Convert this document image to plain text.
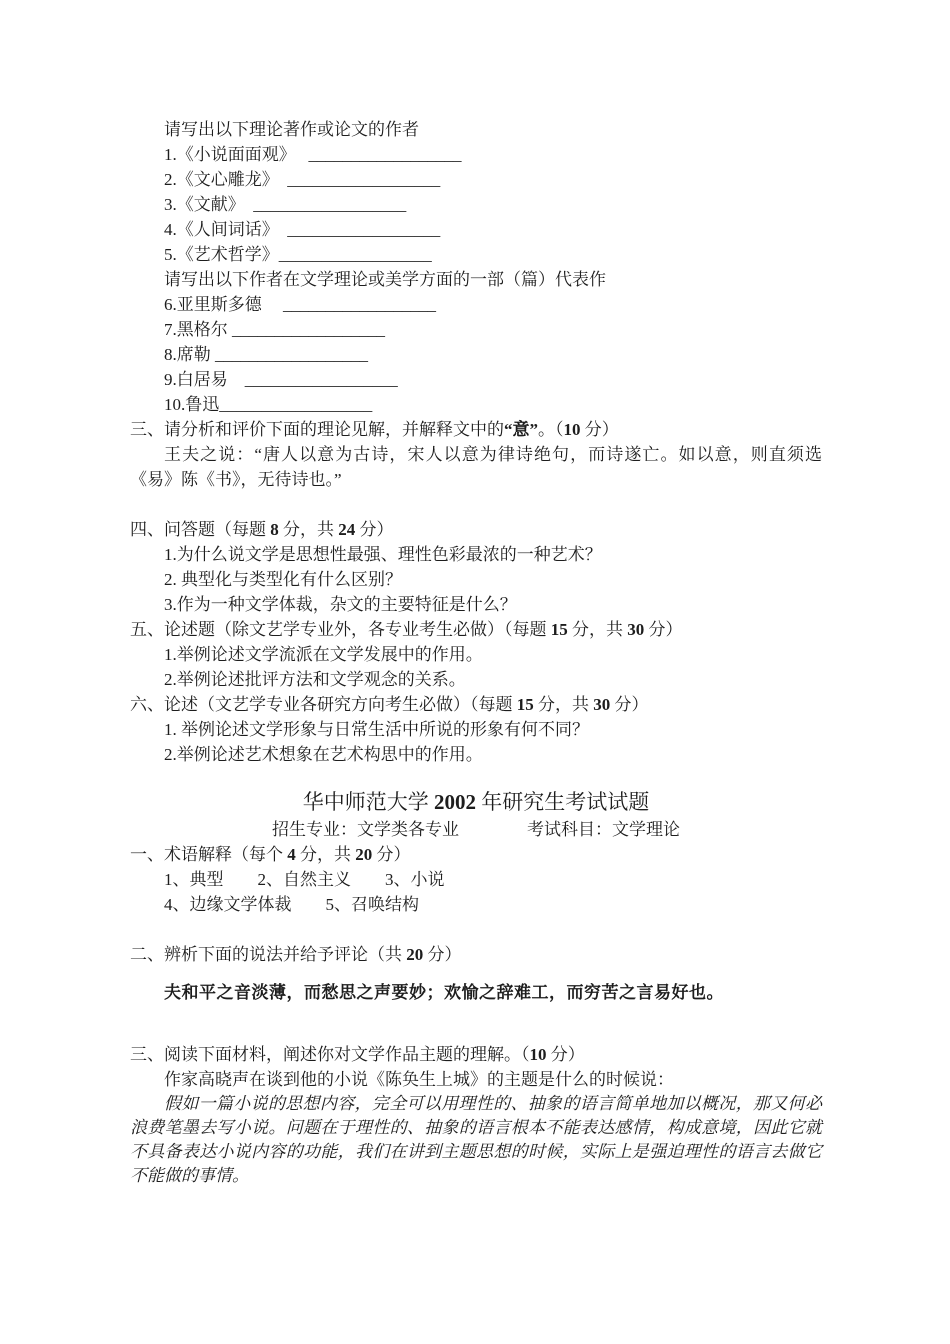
请写出以下理论著作或论文的作者
1.《小说面面观》　 __________________
2.《文心雕龙》　__________________
3.《文献》　__________________
4.《人间词话》　__________________
5.《艺术哲学》__________________
请写出以下作者在文学理论或美学方面的一部（篇）代表作
6.亚里斯多德　 __________________
7.黑格尔 __________________
8.席勒 __________________
9.白居易　__________________
10.鲁迅__________________
三、请分析和评价下面的理论见解，并解释文中的“意”。（10 分）
王夫之说：“唐人以意为古诗，宋人以意为律诗绝句，而诗遂亡。如以意，则直须选《易》陈《书》，无待诗也。”
四、问答题（每题 8 分，共 24 分）
1.为什么说文学是思想性最强、理性色彩最浓的一种艺术？
2. 典型化与类型化有什么区别？
3.作为一种文学体裁，杂文的主要特征是什么？
五、论述题（除文艺学专业外，各专业考生必做）（每题 15 分，共 30 分）
1.举例论述文学流派在文学发展中的作用。
2.举例论述批评方法和文学观念的关系。
六、论述（文艺学专业各研究方向考生必做）（每题 15 分，共 30 分）
1. 举例论述文学形象与日常生活中所说的形象有何不同？
2.举例论述艺术想象在艺术构思中的作用。
华中师范大学 2002 年研究生考试试题
招生专业：文学类各专业　　　　考试科目：文学理论
一、术语解释（每个 4 分，共 20 分）
1、典型　　2、自然主义　　3、小说
4、边缘文学体裁　　5、召唤结构
二、辨析下面的说法并给予评论（共 20 分）
夫和平之音淡薄，而愁思之声要妙；欢愉之辞难工，而穷苦之言易好也。
三、阅读下面材料，阐述你对文学作品主题的理解。（10 分）
作家高晓声在谈到他的小说《陈奂生上城》的主题是什么的时候说：
假如一篇小说的思想内容，完全可以用理性的、抽象的语言简单地加以概况，那又何必浪费笔墨去写小说。问题在于理性的、抽象的语言根本不能表达感情，构成意境，因此它就不具备表达小说内容的功能，我们在讲到主题思想的时候，实际上是强迫理性的语言去做它不能做的事情。
